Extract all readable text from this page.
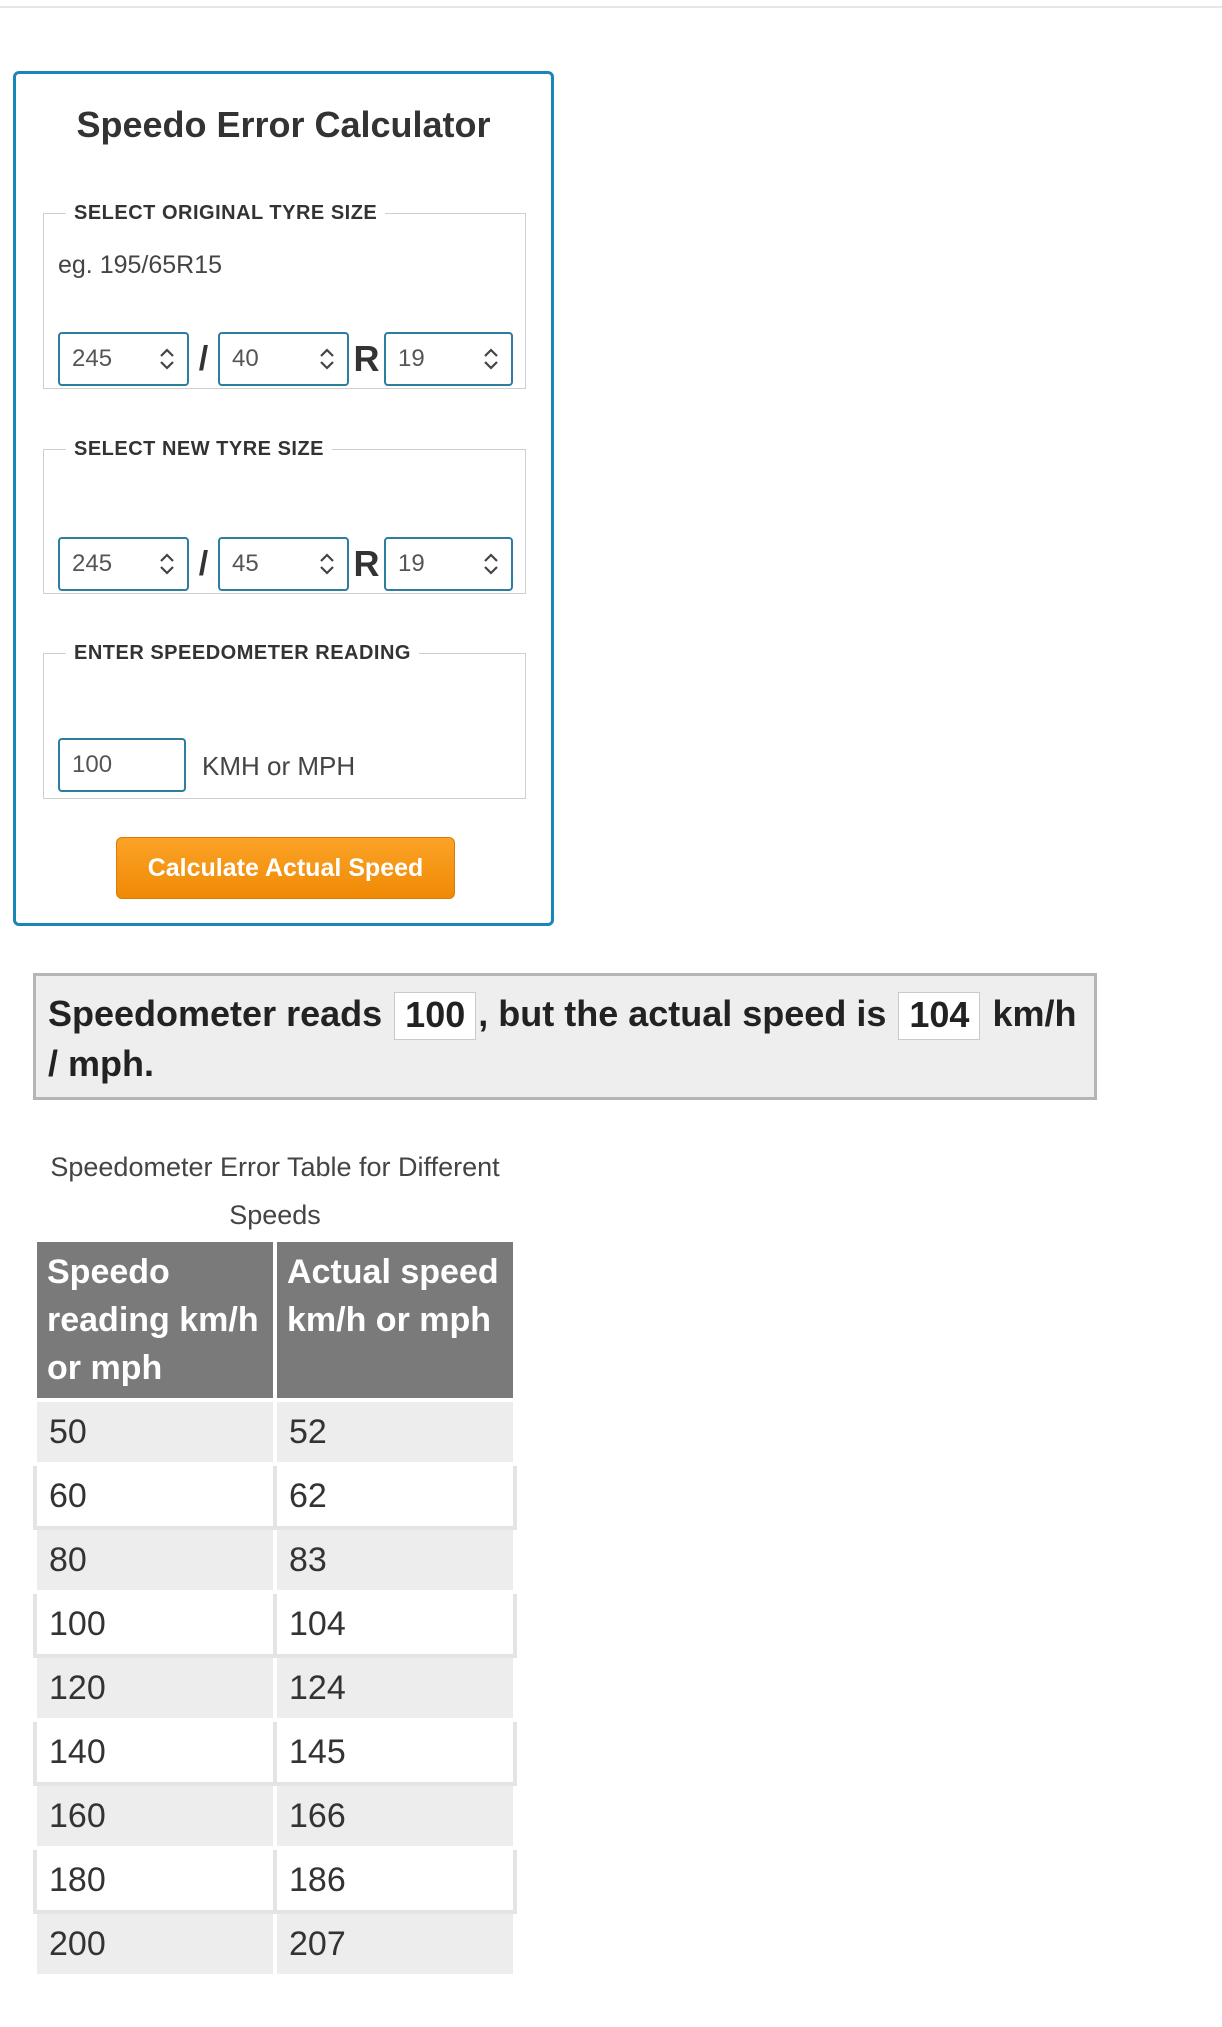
Speedo Error Calculator
SELECT ORIGINAL TYRE SIZE
eg. 195/65R15
245	/ 40	R 19
SELECT NEW TYRE SIZE
245	/ 45	R 19
ENTER SPEEDOMETER READING
100	KMH or MPH
Calculate Actual Speed
Speedometer reads 100 , but the actual speed is 104 km/h / mph.
Speedometer Error Table for Different Speeds
Speedo reading km/h or mph	Actual speed km/h or mph
50	52
60	62
80	83
100	104
120	124
140	145
160	166
180	186
200	207
